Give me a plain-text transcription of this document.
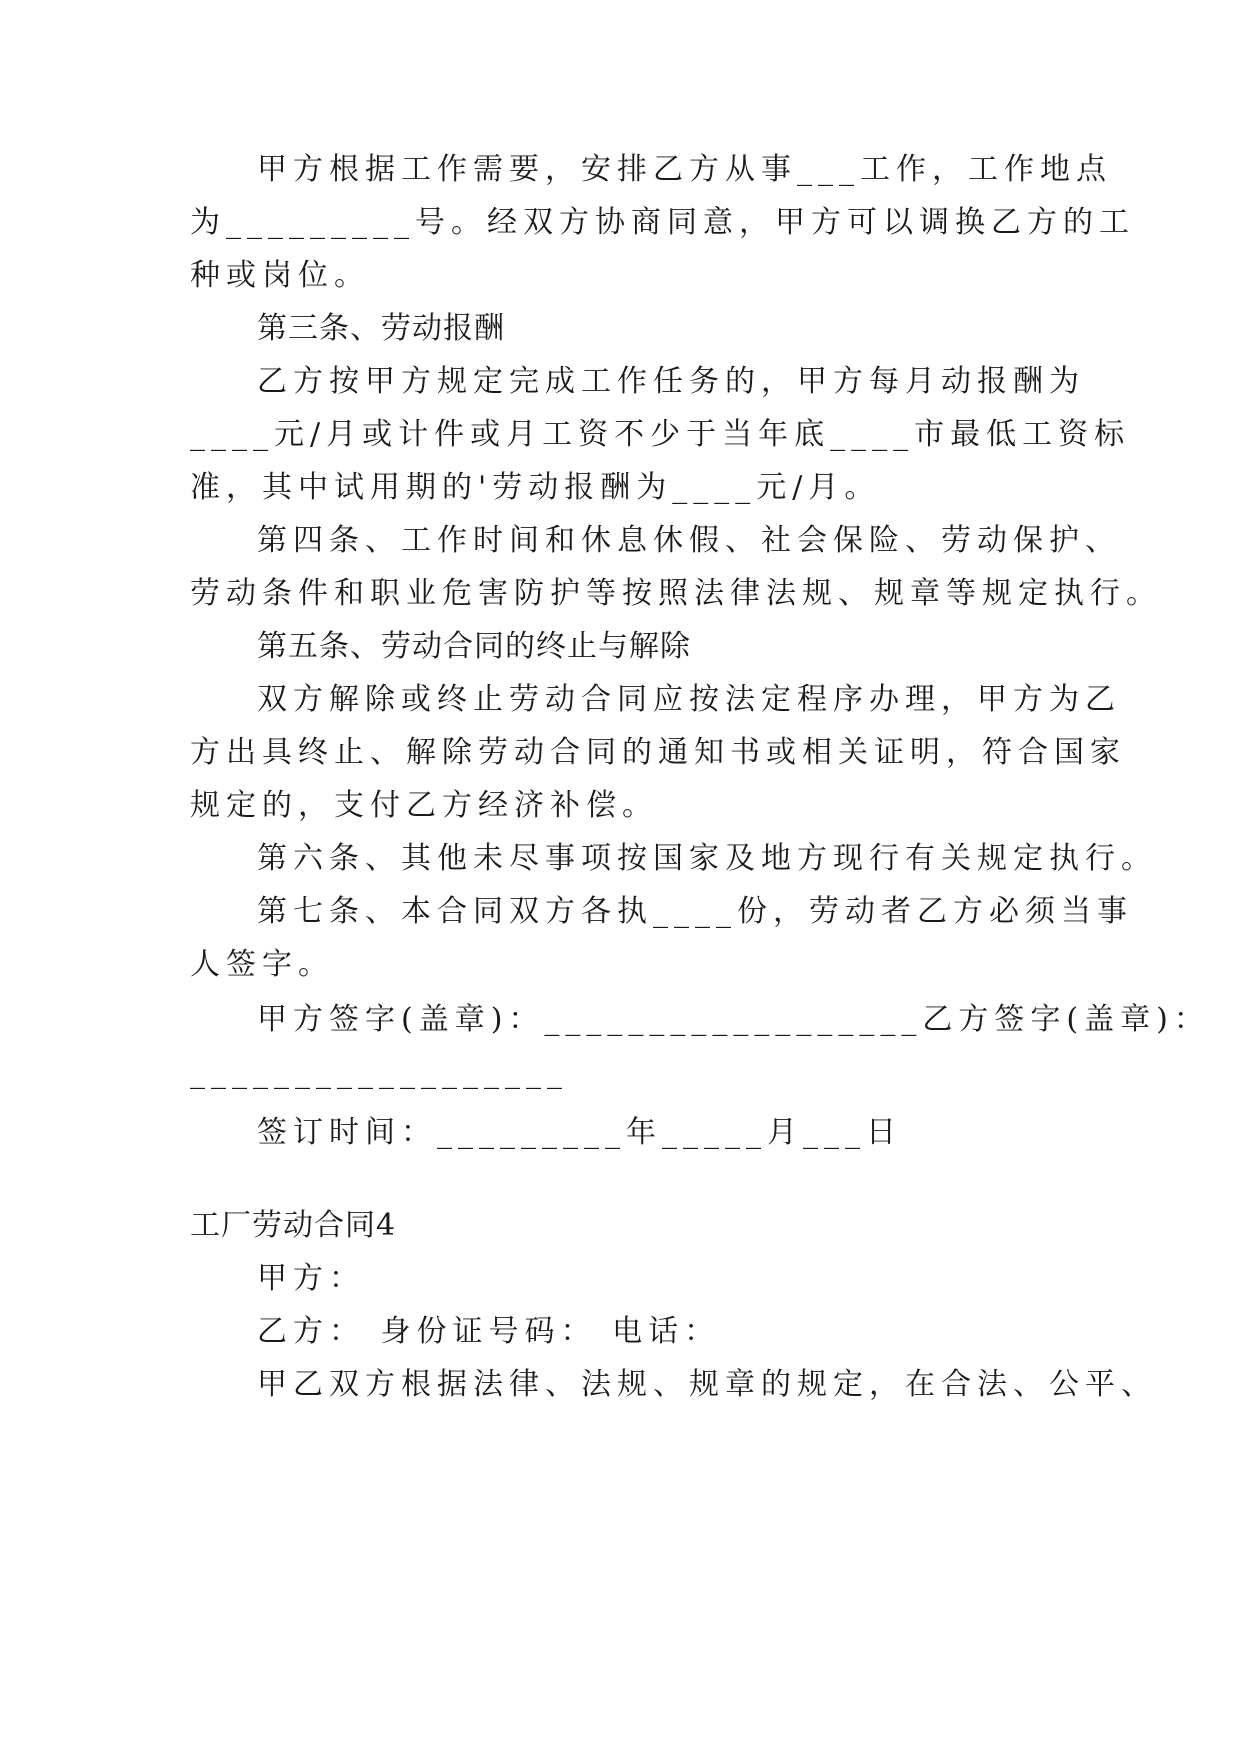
甲方根据工作需要，安排乙方从事___工作，工作地点
为_________号。经双方协商同意，甲方可以调换乙方的工
种或岗位。
第三条、劳动报酬
乙方按甲方规定完成工作任务的，甲方每月动报酬为
____元/月或计件或月工资不少于当年底____市最低工资标
准，其中试用期的'劳动报酬为____元/月。
第四条、工作时间和休息休假、社会保险、劳动保护、
劳动条件和职业危害防护等按照法律法规、规章等规定执行。
第五条、劳动合同的终止与解除
双方解除或终止劳动合同应按法定程序办理，甲方为乙
方出具终止、解除劳动合同的通知书或相关证明，符合国家
规定的，支付乙方经济补偿。
第六条、其他未尽事项按国家及地方现行有关规定执行。
第七条、本合同双方各执____份，劳动者乙方必须当事
人签字。
甲方签字(盖章)：__________________乙方签字(盖章)：
__________________
签订时间：_________年_____月___日
工厂劳动合同4
甲方：
乙方： 身份证号码： 电话：
甲乙双方根据法律、法规、规章的规定，在合法、公平、
